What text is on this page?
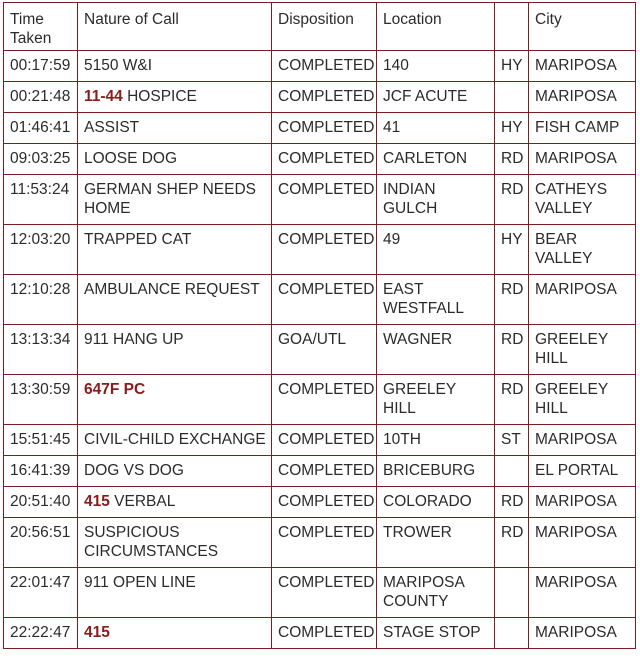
Time Taken	Nature of Call	Disposition	Location		City
00:17:59	5150 W&I	COMPLETED	140	HY	MARIPOSA
00:21:48	11-44 HOSPICE	COMPLETED	JCF ACUTE		MARIPOSA
01:46:41	ASSIST	COMPLETED	41	HY	FISH CAMP
09:03:25	LOOSE DOG	COMPLETED	CARLETON	RD	MARIPOSA
11:53:24	GERMAN SHEP NEEDS HOME	COMPLETED	INDIAN GULCH	RD	CATHEYS VALLEY
12:03:20	TRAPPED CAT	COMPLETED	49	HY	BEAR VALLEY
12:10:28	AMBULANCE REQUEST	COMPLETED	EAST WESTFALL	RD	MARIPOSA
13:13:34	911 HANG UP	GOA/UTL	WAGNER	RD	GREELEY HILL
13:30:59	647F PC	COMPLETED	GREELEY HILL	RD	GREELEY HILL
15:51:45	CIVIL-CHILD EXCHANGE	COMPLETED	10TH	ST	MARIPOSA
16:41:39	DOG VS DOG	COMPLETED	BRICEBURG		EL PORTAL
20:51:40	415 VERBAL	COMPLETED	COLORADO	RD	MARIPOSA
20:56:51	SUSPICIOUS CIRCUMSTANCES	COMPLETED	TROWER	RD	MARIPOSA
22:01:47	911 OPEN LINE	COMPLETED	MARIPOSA COUNTY		MARIPOSA
22:22:47	415	COMPLETED	STAGE STOP		MARIPOSA
